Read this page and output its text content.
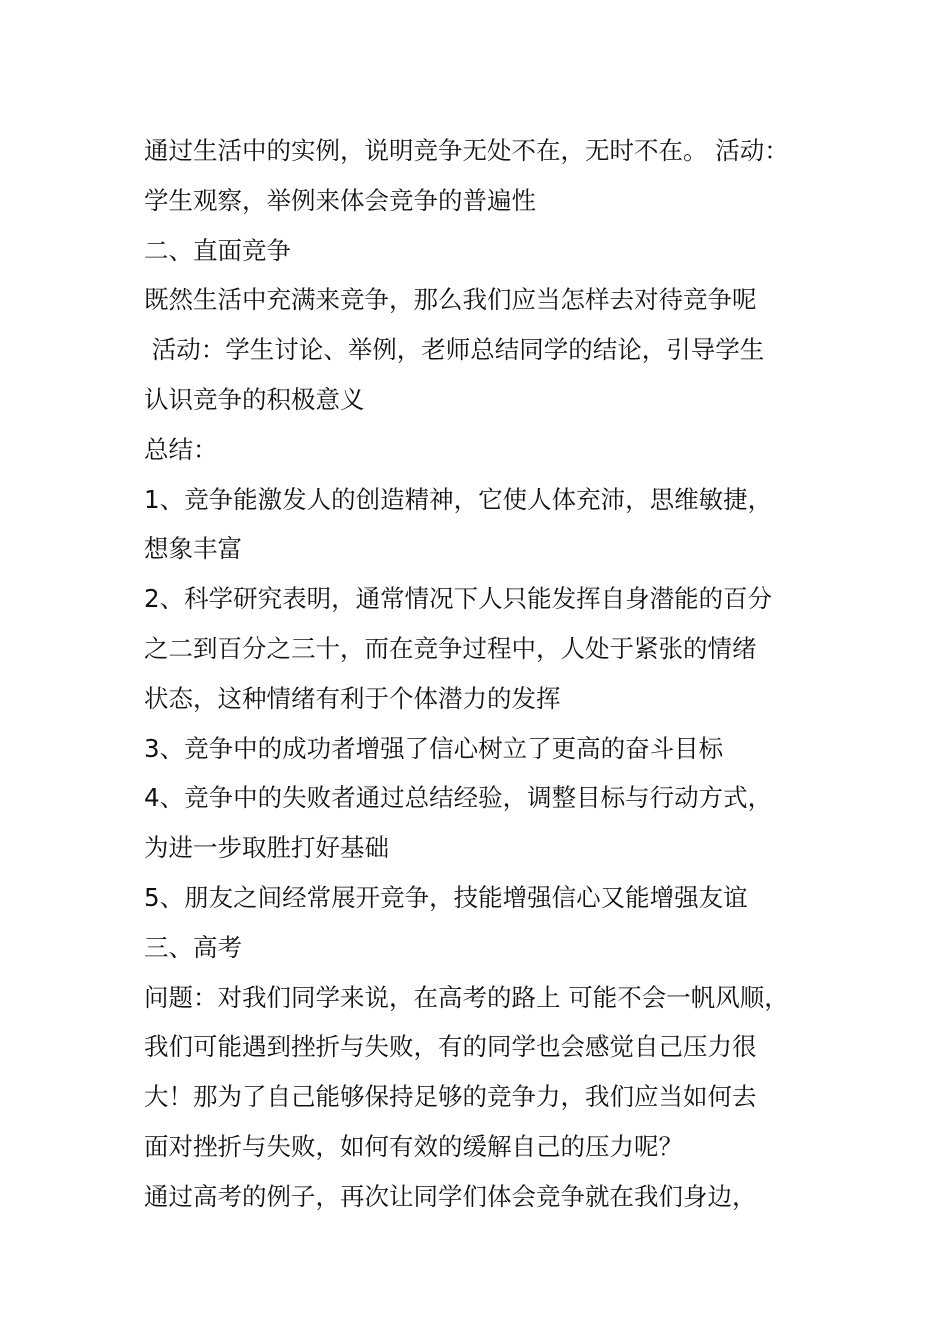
通过生活中的实例，说明竞争无处不在，无时不在。 活动：

学生观察，举例来体会竞争的普遍性

二、直面竞争

既然生活中充满来竞争，那么我们应当怎样去对待竞争呢

活动：学生讨论、举例，老师总结同学的结论，引导学生

认识竞争的积极意义

总结：

1、竞争能激发人的创造精神，它使人体充沛，思维敏捷，

想象丰富

2、科学研究表明，通常情况下人只能发挥自身潜能的百分

之二到百分之三十，而在竞争过程中，人处于紧张的情绪

状态，这种情绪有利于个体潜力的发挥

3、竞争中的成功者增强了信心树立了更高的奋斗目标

4、竞争中的失败者通过总结经验，调整目标与行动方式，

为进一步取胜打好基础

5、朋友之间经常展开竞争，技能增强信心又能增强友谊

三、高考

问题：对我们同学来说，在高考的路上 可能不会一帆风顺，

我们可能遇到挫折与失败，有的同学也会感觉自己压力很

大！那为了自己能够保持足够的竞争力，我们应当如何去

面对挫折与失败，如何有效的缓解自己的压力呢？

通过高考的例子，再次让同学们体会竞争就在我们身边，
